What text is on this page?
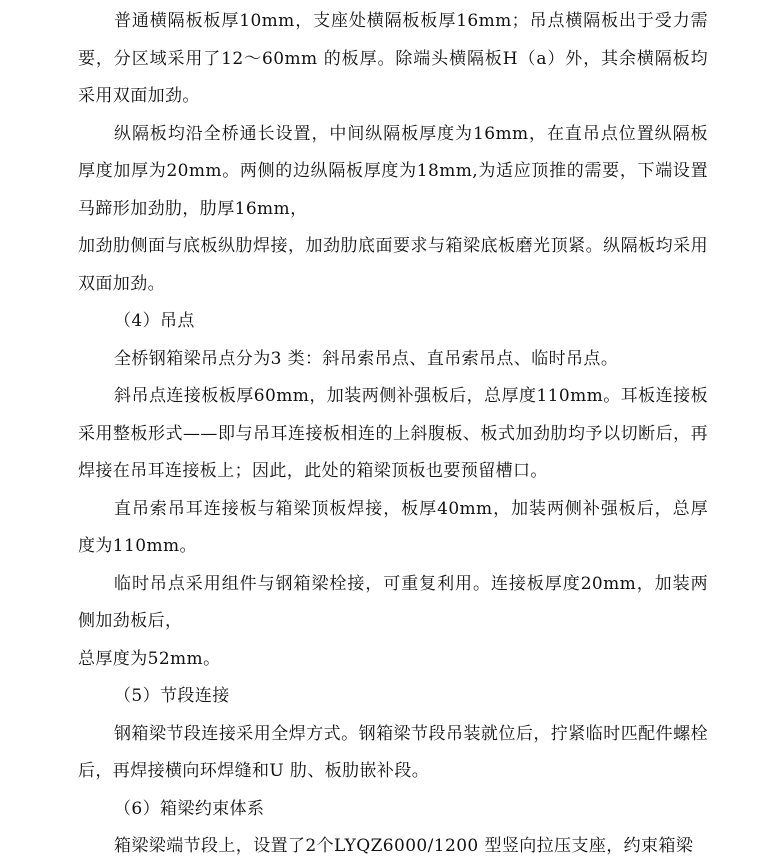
普通横隔板板厚10mm，支座处横隔板板厚16mm；吊点横隔板出于受力需要，分区域采用了12～60mm 的板厚。除端头横隔板H（a）外，其余横隔板均采用双面加劲。

纵隔板均沿全桥通长设置，中间纵隔板厚度为16mm，在直吊点位置纵隔板厚度加厚为20mm。两侧的边纵隔板厚度为18mm,为适应顶推的需要，下端设置马蹄形加劲肋，肋厚16mm，

加劲肋侧面与底板纵肋焊接，加劲肋底面要求与箱梁底板磨光顶紧。纵隔板均采用双面加劲。

（4）吊点

全桥钢箱梁吊点分为3 类：斜吊索吊点、直吊索吊点、临时吊点。

斜吊点连接板板厚60mm，加装两侧补强板后，总厚度110mm。耳板连接板采用整板形式——即与吊耳连接板相连的上斜腹板、板式加劲肋均予以切断后，再焊接在吊耳连接板上；因此，此处的箱梁顶板也要预留槽口。

直吊索吊耳连接板与箱梁顶板焊接，板厚40mm，加装两侧补强板后，总厚度为110mm。

临时吊点采用组件与钢箱梁栓接，可重复利用。连接板厚度20mm，加装两侧加劲板后，

总厚度为52mm。

（5）节段连接

钢箱梁节段连接采用全焊方式。钢箱梁节段吊装就位后，拧紧临时匹配件螺栓后，再焊接横向环焊缝和U 肋、板肋嵌补段。

（6）箱梁约束体系

箱梁梁端节段上，设置了2个LYQZ6000/1200 型竖向拉压支座，约束箱梁
